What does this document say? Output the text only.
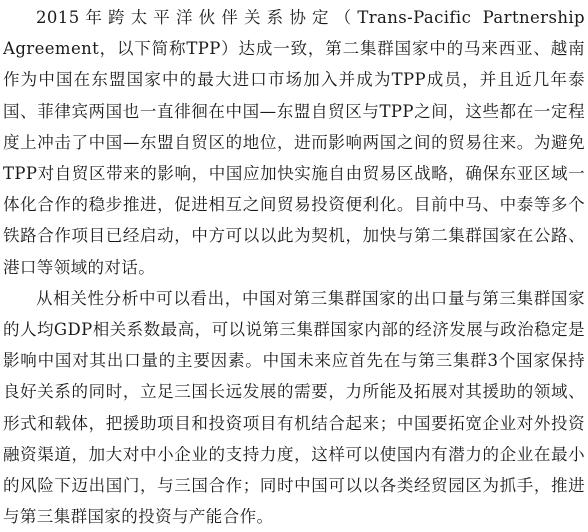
2015年跨太平洋伙伴关系协定（Trans-Pacific Partnership Agreement，以下简称TPP）达成一致，第二集群国家中的马来西亚、越南作为中国在东盟国家中的最大进口市场加入并成为TPP成员，并且近几年泰国、菲律宾两国也一直徘徊在中国—东盟自贸区与TPP之间，这些都在一定程度上冲击了中国—东盟自贸区的地位，进而影响两国之间的贸易往来。为避免TPP对自贸区带来的影响，中国应加快实施自由贸易区战略，确保东亚区域一体化合作的稳步推进，促进相互之间贸易投资便利化。目前中马、中泰等多个铁路合作项目已经启动，中方可以以此为契机，加快与第二集群国家在公路、港口等领域的对话。

从相关性分析中可以看出，中国对第三集群国家的出口量与第三集群国家的人均GDP相关系数最高，可以说第三集群国家内部的经济发展与政治稳定是影响中国对其出口量的主要因素。中国未来应首先在与第三集群3个国家保持良好关系的同时，立足三国长远发展的需要，力所能及拓展对其援助的领域、形式和载体，把援助项目和投资项目有机结合起来；中国要拓宽企业对外投资融资渠道，加大对中小企业的支持力度，这样可以使国内有潜力的企业在最小的风险下迈出国门，与三国合作；同时中国可以以各类经贸园区为抓手，推进与第三集群国家的投资与产能合作。
